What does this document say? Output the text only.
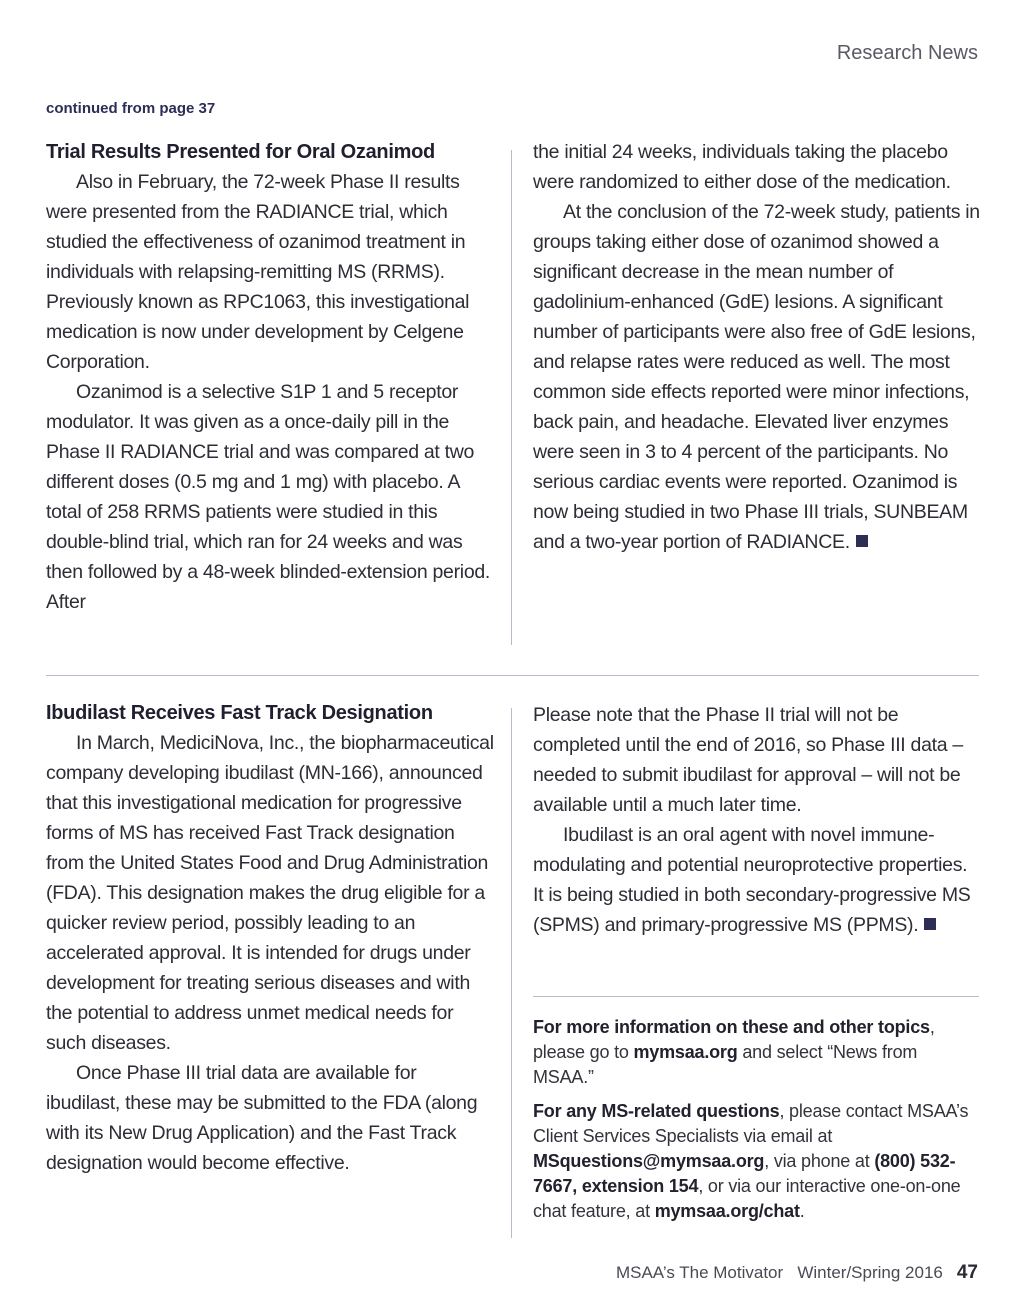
Research News
continued from page 37
Trial Results Presented for Oral Ozanimod

Also in February, the 72-week Phase II results were presented from the RADIANCE trial, which studied the effectiveness of ozanimod treatment in individuals with relapsing-remitting MS (RRMS). Previously known as RPC1063, this investigational medication is now under development by Celgene Corporation.

Ozanimod is a selective S1P 1 and 5 receptor modulator. It was given as a once-daily pill in the Phase II RADIANCE trial and was compared at two different doses (0.5 mg and 1 mg) with placebo. A total of 258 RRMS patients were studied in this double-blind trial, which ran for 24 weeks and was then followed by a 48-week blinded-extension period. After

the initial 24 weeks, individuals taking the placebo were randomized to either dose of the medication.

At the conclusion of the 72-week study, patients in groups taking either dose of ozanimod showed a significant decrease in the mean number of gadolinium-enhanced (GdE) lesions. A significant number of participants were also free of GdE lesions, and relapse rates were reduced as well. The most common side effects reported were minor infections, back pain, and headache. Elevated liver enzymes were seen in 3 to 4 percent of the participants. No serious cardiac events were reported. Ozanimod is now being studied in two Phase III trials, SUNBEAM and a two-year portion of RADIANCE.

Ibudilast Receives Fast Track Designation

In March, MediciNova, Inc., the biopharmaceutical company developing ibudilast (MN-166), announced that this investigational medication for progressive forms of MS has received Fast Track designation from the United States Food and Drug Administration (FDA). This designation makes the drug eligible for a quicker review period, possibly leading to an accelerated approval. It is intended for drugs under development for treating serious diseases and with the potential to address unmet medical needs for such diseases.

Once Phase III trial data are available for ibudilast, these may be submitted to the FDA (along with its New Drug Application) and the Fast Track designation would become effective.

Please note that the Phase II trial will not be completed until the end of 2016, so Phase III data – needed to submit ibudilast for approval – will not be available until a much later time.

Ibudilast is an oral agent with novel immune-modulating and potential neuroprotective properties. It is being studied in both secondary-progressive MS (SPMS) and primary-progressive MS (PPMS).

For more information on these and other topics, please go to mymsaa.org and select “News from MSAA.”

For any MS-related questions, please contact MSAA’s Client Services Specialists via email at MSquestions@mymsaa.org, via phone at (800) 532-7667, extension 154, or via our interactive one-on-one chat feature, at mymsaa.org/chat.

MSAA’s The Motivator   Winter/Spring 2016 47
